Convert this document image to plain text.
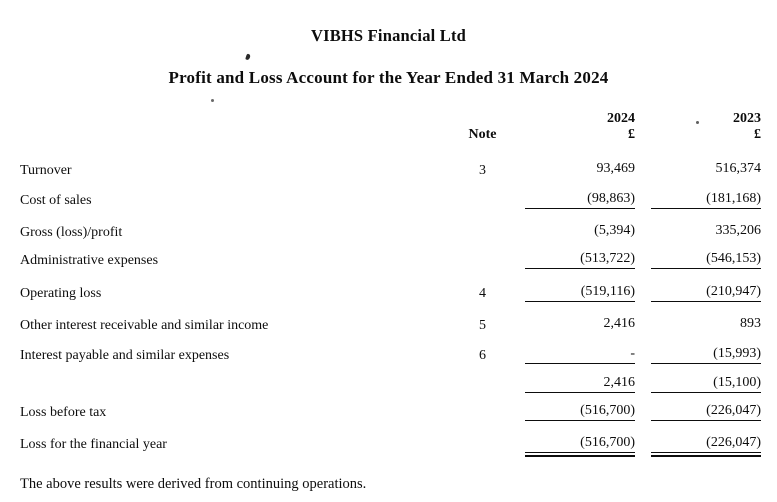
VIBHS Financial Ltd
Profit and Loss Account for the Year Ended 31 March 2024
2024	2023
Note	£	£
Turnover	3	93,469	516,374
Cost of sales	(98,863)	(181,168)
Gross (loss)/profit	(5,394)	335,206
Administrative expenses	(513,722)	(546,153)
Operating loss	4	(519,116)	(210,947)
Other interest receivable and similar income	5	2,416	893
Interest payable and similar expenses	6	-	(15,993)
2,416	(15,100)
Loss before tax	(516,700)	(226,047)
Loss for the financial year	(516,700)	(226,047)
The above results were derived from continuing operations.
